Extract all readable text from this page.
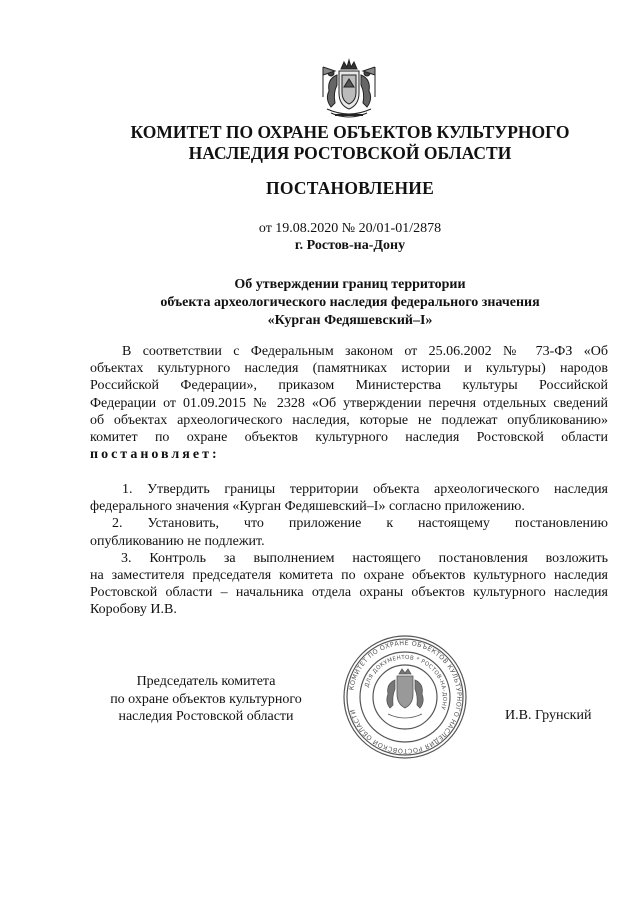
КОМИТЕТ ПО ОХРАНЕ ОБЪЕКТОВ КУЛЬТУРНОГО
НАСЛЕДИЯ РОСТОВСКОЙ ОБЛАСТИ
ПОСТАНОВЛЕНИЕ
от 19.08.2020 № 20/01-01/2878
г. Ростов-на-Дону
Об утверждении границ территории
объекта археологического наследия федерального значения
«Курган Федяшевский–I»
В соответствии с Федеральным законом от 25.06.2002 № 73-ФЗ «Об
объектах культурного наследия (памятниках истории и культуры) народов
Российской Федерации», приказом Министерства культуры Российской
Федерации от 01.09.2015 № 2328 «Об утверждении перечня отдельных сведений
об объектах археологического наследия, которые не подлежат опубликованию»
комитет по охране объектов культурного наследия Ростовской области
постановляет:
1. Утвердить границы территории объекта археологического наследия
федерального значения «Курган Федяшевский–I» согласно приложению.
2. Установить, что приложение к настоящему постановлению
опубликованию не подлежит.
3. Контроль за выполнением настоящего постановления возложить
на заместителя председателя комитета по охране объектов культурного наследия
Ростовской области – начальника отдела охраны объектов культурного наследия
Коробову И.В.
Председатель комитета
по охране объектов культурного
наследия Ростовской области	И.В. Грунский
КОМИТЕТ ПО ОХРАНЕ ОБЪЕКТОВ КУЛЬТУРНОГО НАСЛЕДИЯ РОСТОВСКОЙ ОБЛАСТИ
ДЛЯ ДОКУМЕНТОВ * РОСТОВ-НА-ДОНУ
